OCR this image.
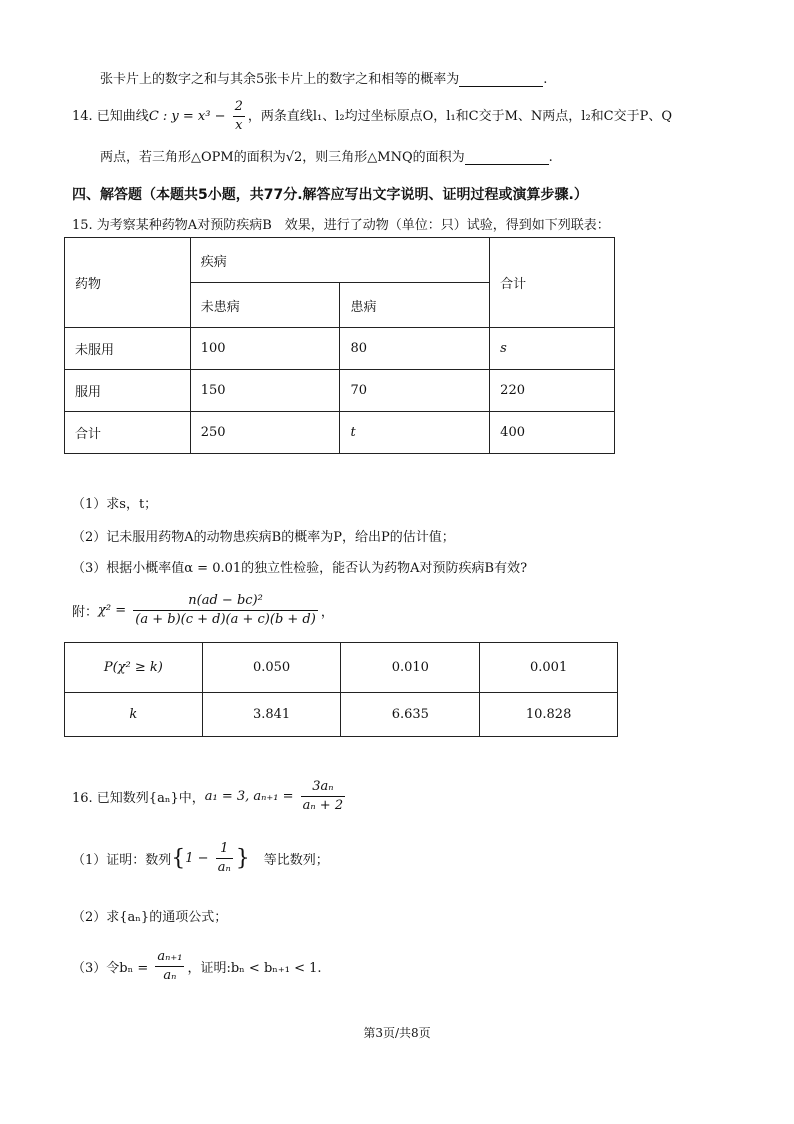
张卡片上的数字之和与其余5张卡片上的数字之和相等的概率为	.
14. 已知曲线C : $y = x^3 - \frac{2}{x}$ ，两条直线l₁、l₂均过坐标原点O，l₁和C交于M、N两点，l₂和C交于P、Q
两点，若三角形△OPM的面积为√2，则三角形△MNQ的面积为	.
四、解答题（本题共5小题，共77分.解答应写出文字说明、证明过程或演算步骤.）
15. 为考察某种药物A对预防疾病B　效果，进行了动物（单位：只）试验，得到如下列联表：
药物	疾病		合计
	未患病	患病	
未服用	100	80	s
服用	150	70	220
合计	250	t	400
（1）求s，t；
（2）记未服用药物A的动物患疾病B的概率为P，给出P的估计值；
（3）根据小概率值α = 0.01的独立性检验，能否认为药物A对预防疾病B有效?
附：$\chi^2 = \frac{\text{n(ad − bc)²}}{(a + b)(c + d)(a + c)(b + d)}$ ，
P(χ² ≥ k)	0.050	0.010	0.001
k	3.841	6.635	10.828
16. 已知数列{aₙ}中，a₁ = 3, $a_{n+1} = \frac{\text{3aₙ}}{\text{aₙ + 2}}$
（1）证明：数列{$1 - \frac{1}{\text{aₙ}}$ } 等比数列；
（2）求{aₙ}的通项公式；
（3）令$b_n = \frac{\text{aₙ₊₁}}{\text{aₙ}}$ ，证明:bₙ < bₙ₊₁ < 1.
第3页/共8页
